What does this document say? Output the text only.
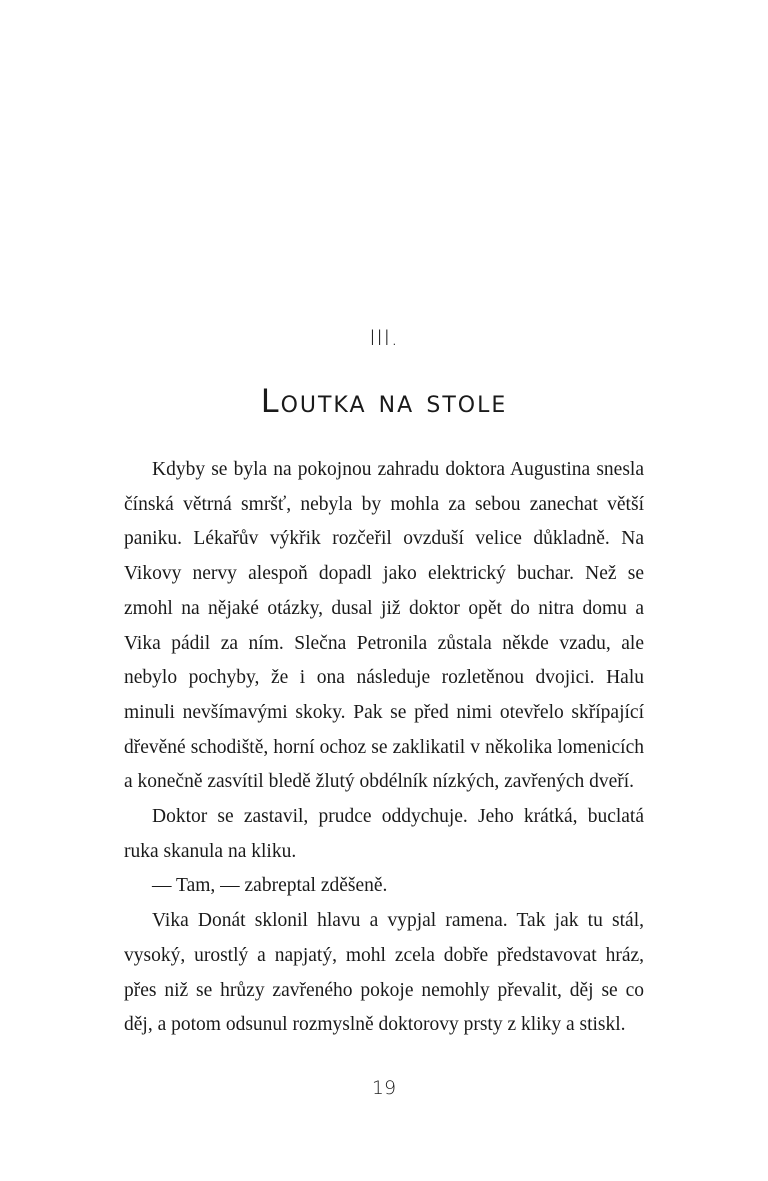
III.
Loutka na stole

Kdyby se byla na pokojnou zahradu doktora Augustina snesla čínská větrná smršť, nebyla by mohla za sebou zanechat větší paniku. Lékařův výkřik rozčeřil ovzduší velice důkladně. Na Vikovy nervy alespoň dopadl jako elektrický buchar. Než se zmohl na nějaké otázky, dusal již doktor opět do nitra domu a Vika pádil za ním. Slečna Petronila zůstala někde vzadu, ale nebylo pochyby, že i ona následuje rozletěnou dvojici. Halu minuli nevšímavými skoky. Pak se před nimi otevřelo skřípající dřevěné schodiště, horní ochoz se zaklikatil v několika lomenicích a konečně zasvítil bledě žlutý obdélník nízkých, zavřených dveří.

Doktor se zastavil, prudce oddychuje. Jeho krátká, buclatá ruka skanula na kliku.

— Tam, — zabreptal zděšeně.

Vika Donát sklonil hlavu a vypjal ramena. Tak jak tu stál, vysoký, urostlý a napjatý, mohl zcela dobře představovat hráz, přes niž se hrůzy zavřeného pokoje nemohly převalit, děj se co děj, a potom odsunul rozmyslně doktorovy prsty z kliky a stiskl.

19
